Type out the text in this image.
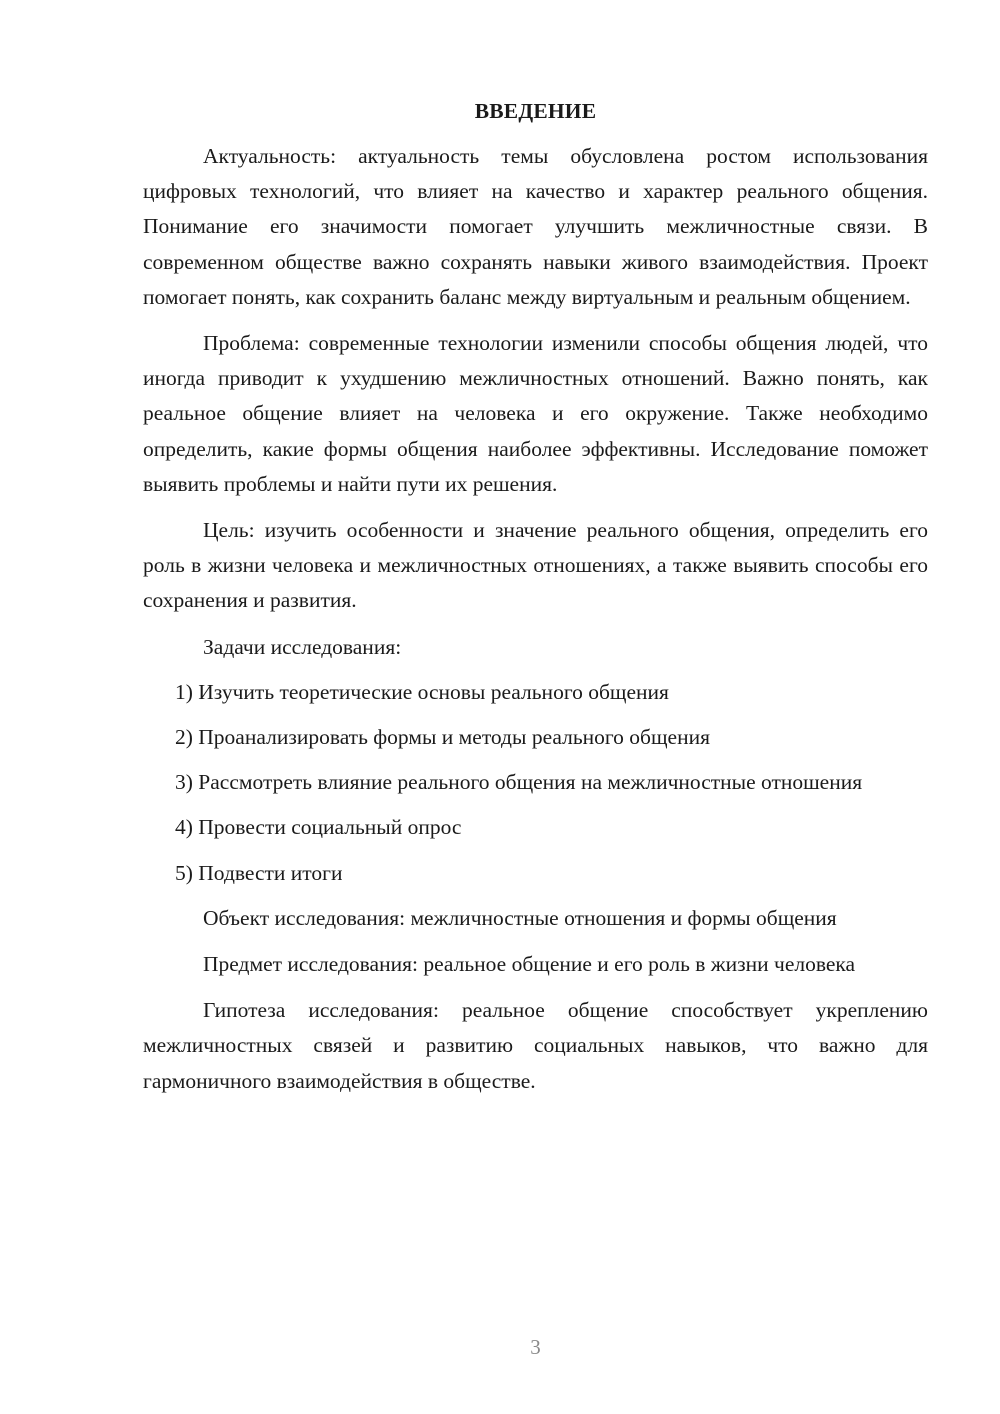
ВВЕДЕНИЕ

Актуальность: актуальность темы обусловлена ростом использования цифровых технологий, что влияет на качество и характер реального общения. Понимание его значимости помогает улучшить межличностные связи. В современном обществе важно сохранять навыки живого взаимодействия. Проект помогает понять, как сохранить баланс между виртуальным и реальным общением.

Проблема: современные технологии изменили способы общения людей, что иногда приводит к ухудшению межличностных отношений. Важно понять, как реальное общение влияет на человека и его окружение. Также необходимо определить, какие формы общения наиболее эффективны. Исследование поможет выявить проблемы и найти пути их решения.

Цель: изучить особенности и значение реального общения, определить его роль в жизни человека и межличностных отношениях, а также выявить способы его сохранения и развития.

Задачи исследования:

1) Изучить теоретические основы реального общения

2) Проанализировать формы и методы реального общения

3) Рассмотреть влияние реального общения на межличностные отношения

4) Провести социальный опрос

5) Подвести итоги

Объект исследования: межличностные отношения и формы общения

Предмет исследования: реальное общение и его роль в жизни человека

Гипотеза исследования: реальное общение способствует укреплению межличностных связей и развитию социальных навыков, что важно для гармоничного взаимодействия в обществе.

3
